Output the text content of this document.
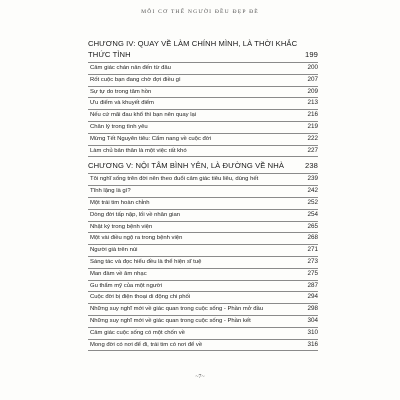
MỖI CƠ THỂ NGƯỜI ĐỀU ĐẸP ĐẼ
CHƯƠNG IV: QUAY VỀ LÀM CHÍNH MÌNH, LÀ THỜI KHẮC
THỨC TỈNH	199
Cảm giác chán nản đến từ đâu	200
Rốt cuộc bạn đang chờ đợi điều gì	207
Sự tự do trong tâm hồn	209
Ưu điểm và khuyết điểm	213
Nếu cứ mãi đau khổ thì bạn nên quay lại	216
Chân lý trong tình yêu	219
Mừng Tết Nguyên tiêu: Cẩm nang về cuộc đời	222
Làm chủ bản thân là một việc rất khó	227
CHƯƠNG V: NỘI TÂM BÌNH YÊN, LÀ ĐƯỜNG VỀ NHÀ	238
Tôi nghĩ sống trên đời nên theo đuổi cảm giác tiêu liêu, dùng hết	239
Tĩnh lặng là gì?	242
Một trái tim hoàn chỉnh	252
Dòng đời tấp nập, lối về nhân gian	254
Nhật ký trong bệnh viện	265
Một vài điều ngộ ra trong bệnh viện	268
Người già trên núi	271
Sáng tác và đọc hiểu đều là thể hiện sĩ tuệ	273
Man đàm về âm nhạc	275
Gu thẩm mỹ của một người	287
Cuộc đời bị điện thoại di động chi phối	294
Những suy nghĩ mới về giác quan trong cuộc sống - Phần mở đầu	298
Những suy nghĩ mới về giác quan trong cuộc sống - Phần kết	304
Cảm giác cuộc sống có một chốn về	310
Mong đời có nơi để đi, trái tim có nơi để về	316
~7~
